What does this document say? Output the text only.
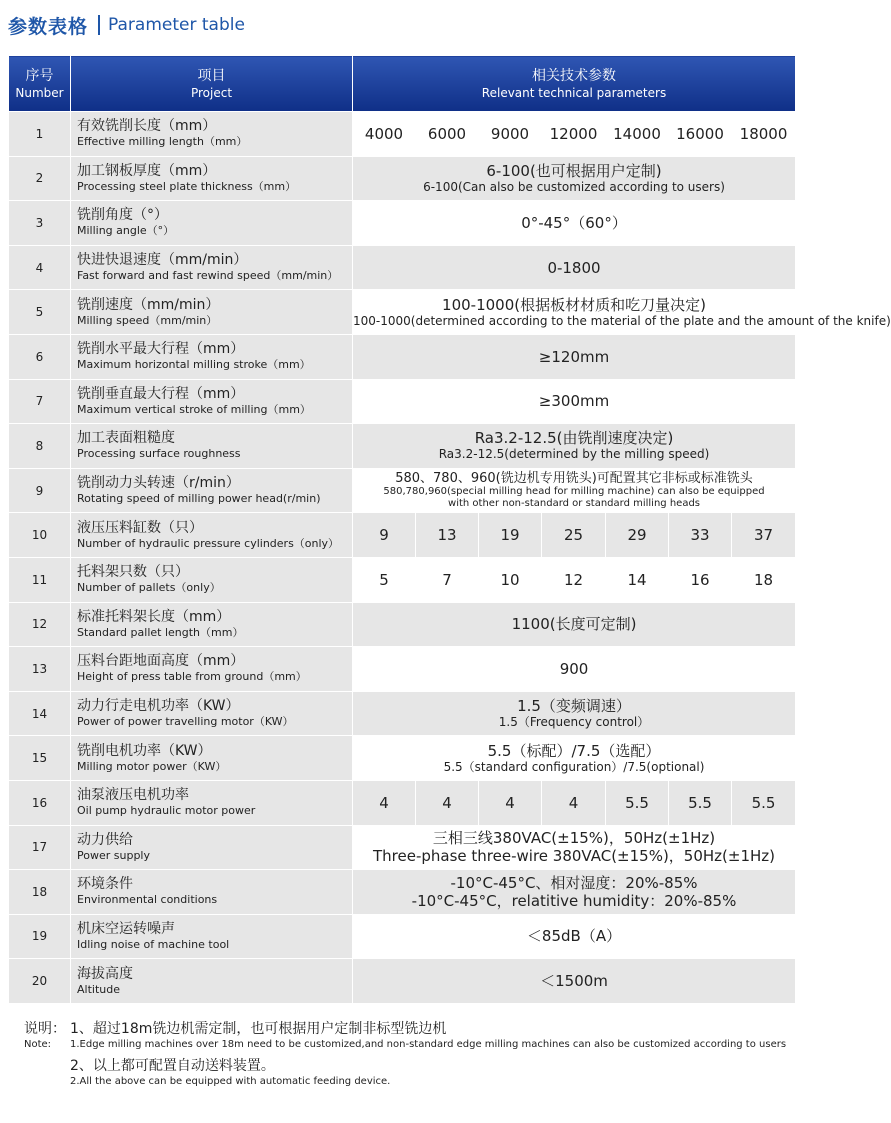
参数表格 Parameter table
序号
Number	项目
Project	相关技术参数
Relevant technical parameters						

1	有效铣削长度（mm）
Effective milling length（mm）	4000	6000	9000	12000	14000	16000	18000
2	加工钢板厚度（mm）
Processing steel plate thickness（mm）	6-100(也可根据用户定制)
6-100(Can also be customized according to users)						

3	铣削角度（°）
Milling angle（°）	0°-45°（60°）						

4	快进快退速度（mm/min）
Fast forward and fast rewind speed（mm/min）	0-1800						

5	铣削速度（mm/min）
Milling speed（mm/min）	100-1000(根据板材材质和吃刀量决定)
100-1000(determined according to the material of the plate and the amount of the knife)						

6	铣削水平最大行程（mm）
Maximum horizontal milling stroke（mm）	≥120mm						

7	铣削垂直最大行程（mm）
Maximum vertical stroke of milling（mm）	≥300mm						

8	加工表面粗糙度
Processing surface roughness	Ra3.2-12.5(由铣削速度决定)
Ra3.2-12.5(determined by the milling speed)						

9	铣削动力头转速（r/min）
Rotating speed of milling power head(r/min)	580、780、960(铣边机专用铣头)可配置其它非标或标准铣头
580,780,960(special milling head for milling machine) can also be equipped
with other non-standard or standard milling heads						

10	液压压料缸数（只）
Number of hydraulic pressure cylinders（only）	9	13	19	25	29	33	37
11	托料架只数（只）
Number of pallets（only）	5	7	10	12	14	16	18
12	标准托料架长度（mm）
Standard pallet length（mm）	1100(长度可定制)						

13	压料台距地面高度（mm）
Height of press table from ground（mm）	900						

14	动力行走电机功率（KW）
Power of power travelling motor（KW）	1.5（变频调速）
1.5（Frequency control）						

15	铣削电机功率（KW）
Milling motor power（KW）	5.5（标配）/7.5（选配）
5.5（standard configuration）/7.5(optional)						

16	油泵液压电机功率
Oil pump hydraulic motor power	4	4	4	4	5.5	5.5	5.5
17	动力供给
Power supply	三相三线380VAC(±15%)，50Hz(±1Hz)
Three-phase three-wire 380VAC(±15%)，50Hz(±1Hz)						

18	环境条件
Environmental conditions	-10°C-45°C、相对湿度：20%-85%
-10°C-45°C，relatitive humidity：20%-85%						

19	机床空运转噪声
Idling noise of machine tool	＜85dB（A）						

20	海拔高度
Altitude	＜1500m						
说明：
Note:
1、超过18m铣边机需定制，也可根据用户定制非标型铣边机
1.Edge milling machines over 18m need to be customized,and non-standard edge milling machines can also be customized according to users
2、以上都可配置自动送料装置。
2.All the above can be equipped with automatic feeding device.
